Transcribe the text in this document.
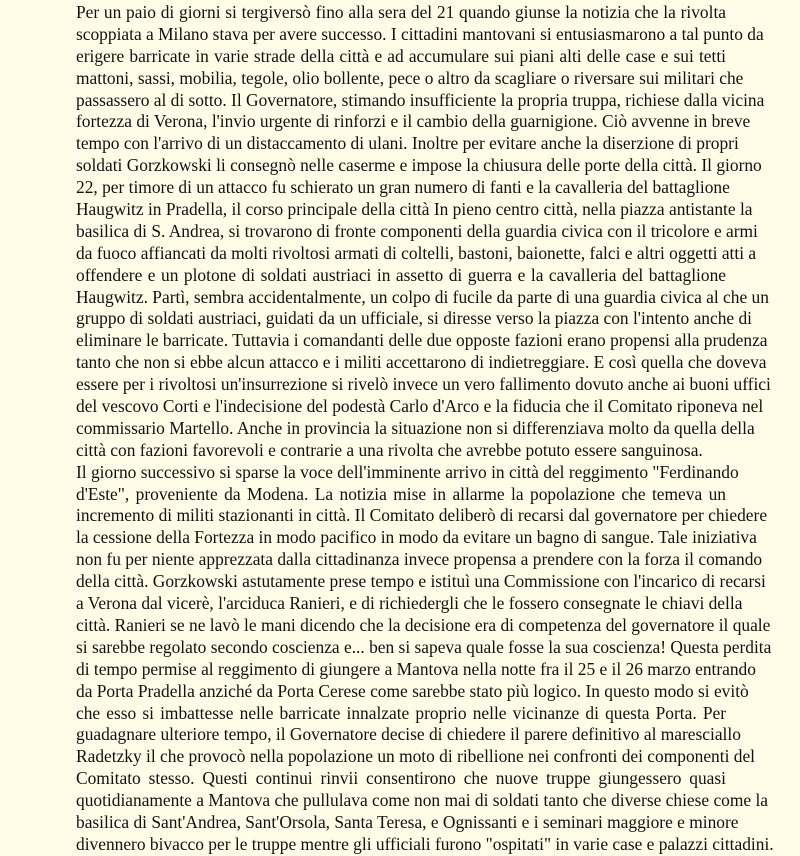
Per un paio di giorni si tergiversò fino alla sera del 21 quando giunse la notizia che la rivolta
scoppiata a Milano stava per avere successo. I cittadini mantovani si entusiasmarono a tal punto da
erigere barricate in varie strade della città e ad accumulare sui piani alti delle case e sui tetti
mattoni, sassi, mobilia, tegole, olio bollente, pece o altro da scagliare o riversare sui militari che
passassero al di sotto. Il Governatore, stimando insufficiente la propria truppa, richiese dalla vicina
fortezza di Verona, l'invio urgente di rinforzi e il cambio della guarnigione. Ciò avvenne in breve
tempo con l'arrivo di un distaccamento di ulani. Inoltre per evitare anche la diserzione di propri
soldati Gorzkowski li consegnò nelle caserme e impose la chiusura delle porte della città. Il giorno
22, per timore di un attacco fu schierato un gran numero di fanti e la cavalleria del battaglione
Haugwitz in Pradella, il corso principale della città In pieno centro città, nella piazza antistante la
basilica di S. Andrea, si trovarono di fronte componenti della guardia civica con il tricolore e armi
da fuoco affiancati da molti rivoltosi armati di coltelli, bastoni, baionette, falci e altri oggetti atti a
offendere e un plotone di soldati austriaci in assetto di guerra e la cavalleria del battaglione
Haugwitz. Partì, sembra accidentalmente, un colpo di fucile da parte di una guardia civica al che un
gruppo di soldati austriaci, guidati da un ufficiale, si diresse verso la piazza con l'intento anche di
eliminare le barricate. Tuttavia i comandanti delle due opposte fazioni erano propensi alla prudenza
tanto che non si ebbe alcun attacco e i militi accettarono di indietreggiare. E così quella che doveva
essere per i rivoltosi un'insurrezione si rivelò invece un vero fallimento dovuto anche ai buoni uffici
del vescovo Corti e l'indecisione del podestà Carlo d'Arco e la fiducia che il Comitato riponeva nel
commissario Martello. Anche in provincia la situazione non si differenziava molto da quella della
città con fazioni favorevoli e contrarie a una rivolta che avrebbe potuto essere sanguinosa.
Il giorno successivo si sparse la voce dell'imminente arrivo in città del reggimento "Ferdinando
d'Este", proveniente da Modena. La notizia mise in allarme la popolazione che temeva un
incremento di militi stazionanti in città. Il Comitato deliberò di recarsi dal governatore per chiedere
la cessione della Fortezza in modo pacifico in modo da evitare un bagno di sangue. Tale iniziativa
non fu per niente apprezzata dalla cittadinanza invece propensa a prendere con la forza il comando
della città. Gorzkowski astutamente prese tempo e istituì una Commissione con l'incarico di recarsi
a Verona dal vicerè, l'arciduca Ranieri, e di richiedergli che le fossero consegnate le chiavi della
città. Ranieri se ne lavò le mani dicendo che la decisione era di competenza del governatore il quale
si sarebbe regolato secondo coscienza e... ben si sapeva quale fosse la sua coscienza! Questa perdita
di tempo permise al reggimento di giungere a Mantova nella notte fra il 25 e il 26 marzo entrando
da Porta Pradella anziché da Porta Cerese come sarebbe stato più logico. In questo modo si evitò
che esso si imbattesse nelle barricate innalzate proprio nelle vicinanze di questa Porta. Per
guadagnare ulteriore tempo, il Governatore decise di chiedere il parere definitivo al maresciallo
Radetzky il che provocò nella popolazione un moto di ribellione nei confronti dei componenti del
Comitato stesso. Questi continui rinvii consentirono che nuove truppe giungessero quasi
quotidianamente a Mantova che pullulava come non mai di soldati tanto che diverse chiese come la
basilica di Sant'Andrea, Sant'Orsola, Santa Teresa, e Ognissanti e i seminari maggiore e minore
divennero bivacco per le truppe mentre gli ufficiali furono "ospitati" in varie case e palazzi cittadini.
